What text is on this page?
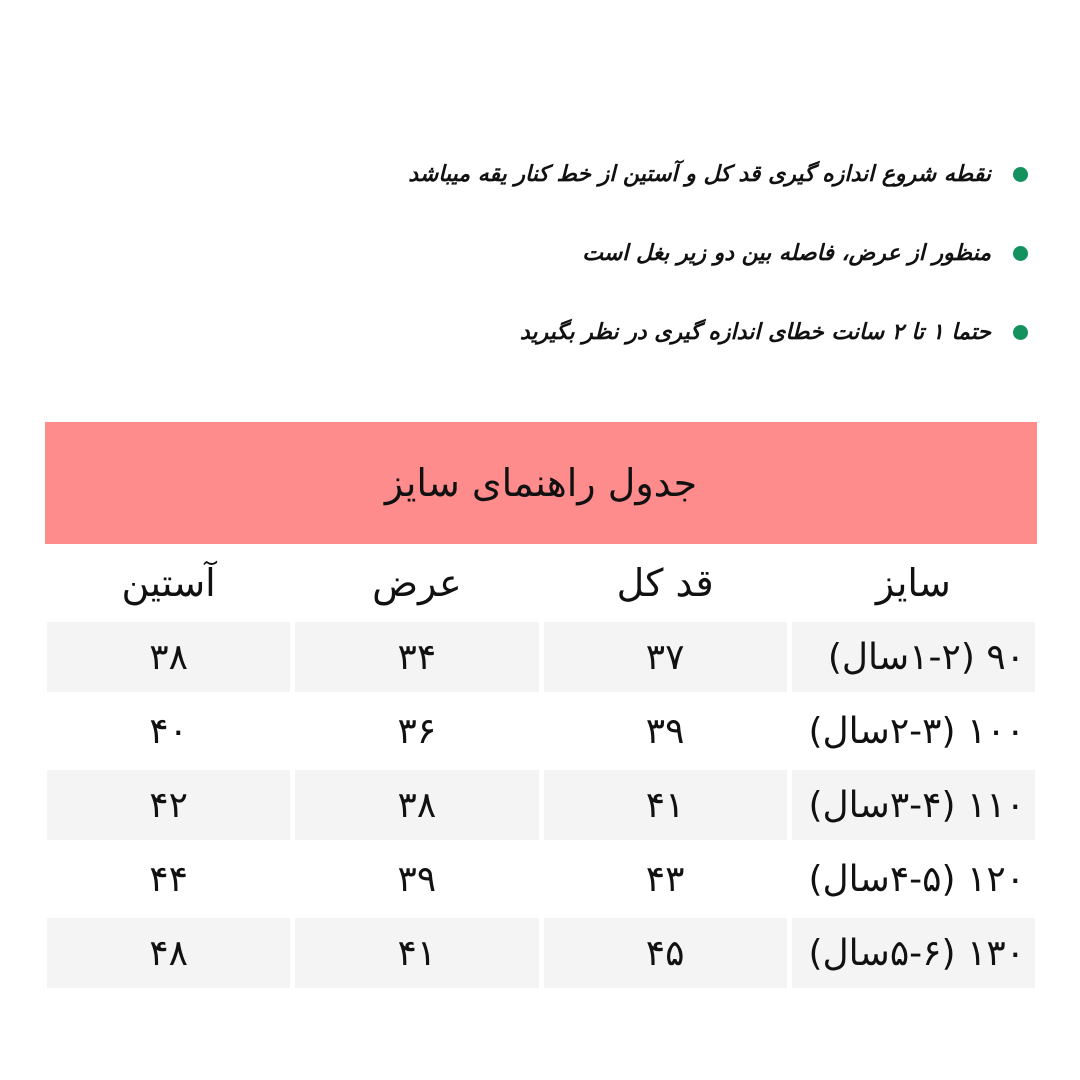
نقطه شروع اندازه گیری قد کل و آستین از خط کنار یقه میباشد
منظور از عرض، فاصله بین دو زیر بغل است
حتما ۱ تا ۲ سانت خطای اندازه گیری در نظر بگیرید
جدول راهنمای سایز
سایز	قد کل	عرض	آستین
۹۰ (۱-۲سال)	۳۷	۳۴	۳۸
۱۰۰ (۲-۳سال)	۳۹	۳۶	۴۰
۱۱۰ (۳-۴سال)	۴۱	۳۸	۴۲
۱۲۰ (۴-۵سال)	۴۳	۳۹	۴۴
۱۳۰ (۵-۶سال)	۴۵	۴۱	۴۸
